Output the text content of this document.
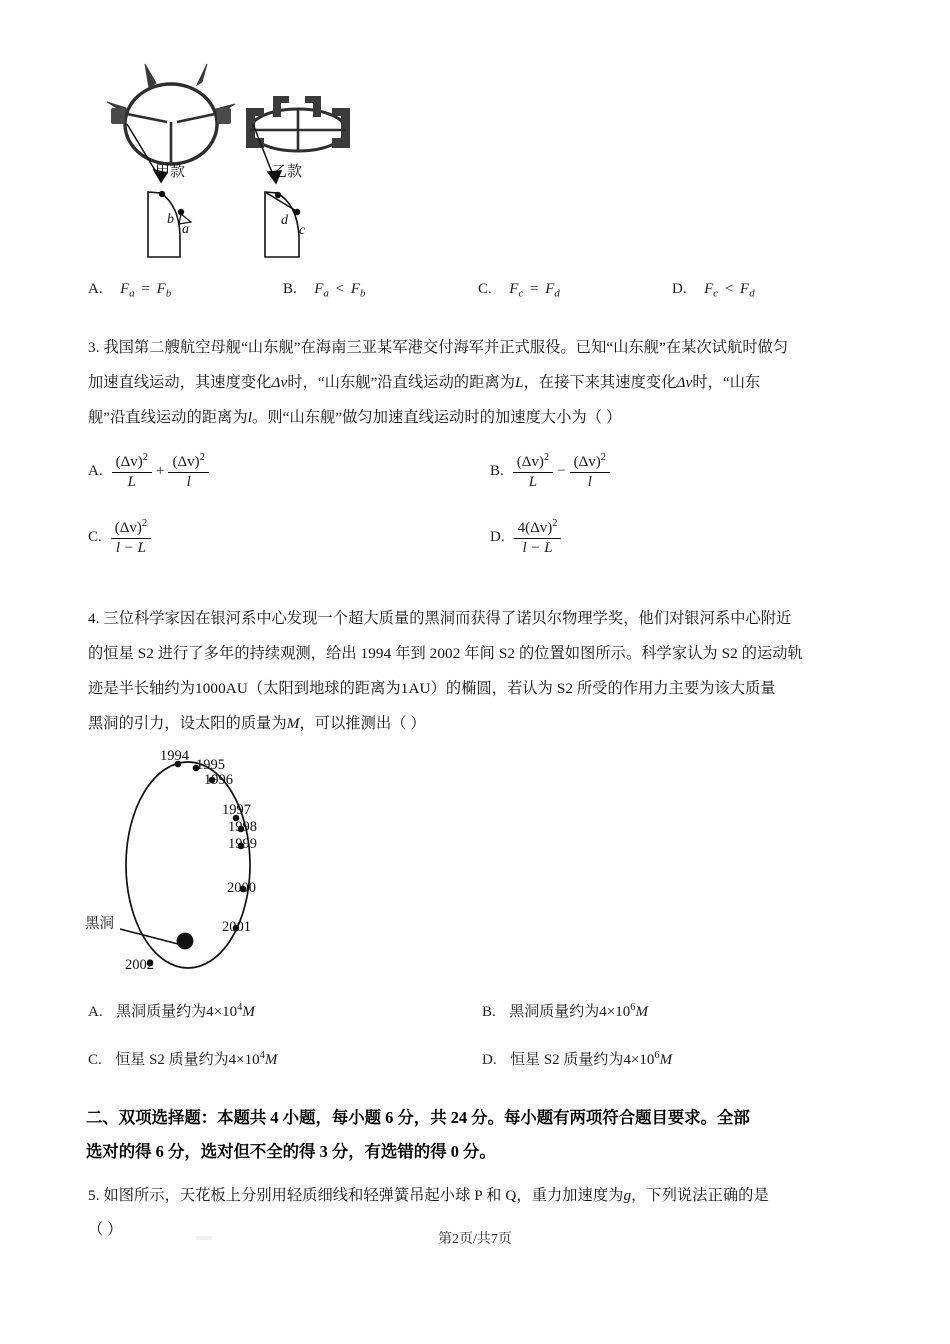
甲款	乙款
b
a
d
c
A. $F_a = F_b$	B. $F_a < F_b$	C. $F_c = F_d$	D. $F_c < F_d$
3. 我国第二艘航空母舰“山东舰”在海南三亚某军港交付海军并正式服役。已知“山东舰”在某次试航时做匀
加速直线运动，其速度变化Δv时，“山东舰”沿直线运动的距离为L，在接下来其速度变化Δv时，“山东
舰”沿直线运动的距离为l。则“山东舰”做匀加速直线运动时的加速度大小为（ ）
A. $\frac{(\Delta v)^2}{L} + \frac{(\Delta v)^2}{l}$	B. $\frac{(\Delta v)^2}{L} - \frac{(\Delta v)^2}{l}$
C. $\frac{(\Delta v)^2}{l - L}$	D. $\frac{4(\Delta v)^2}{l - L}$
4. 三位科学家因在银河系中心发现一个超大质量的黑洞而获得了诺贝尔物理学奖，他们对银河系中心附近
的恒星 S2 进行了多年的持续观测，给出 1994 年到 2002 年间 S2 的位置如图所示。科学家认为 S2 的运动轨
迹是半长轴约为1000AU（太阳到地球的距离为1AU）的椭圆，若认为 S2 所受的作用力主要为该大质量
黑洞的引力，设太阳的质量为M，可以推测出（ ）
1994
1995
1996
1997
1998
1999
2000
2001
2002
黑洞
A. 黑洞质量约为$4\times 10^4M$	B. 黑洞质量约为$4\times 10^6M$
C. 恒星 S2 质量约为$4\times 10^4M$	D. 恒星 S2 质量约为$4\times 10^6M$
二、双项选择题：本题共 4 小题，每小题 6 分，共 24 分。每小题有两项符合题目要求。全部
选对的得 6 分，选对但不全的得 3 分，有选错的得 0 分。
5. 如图所示，天花板上分别用轻质细线和轻弹簧吊起小球 P 和 Q，重力加速度为g，下列说法正确的是
（ ）
第2页/共7页
